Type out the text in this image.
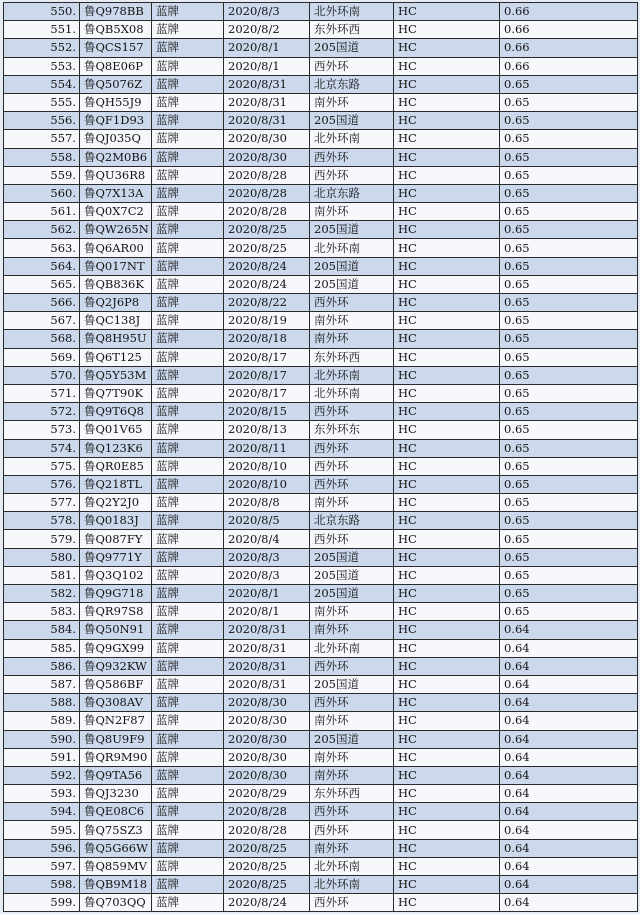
550.	鲁Q978BB	蓝牌	2020/8/3	北外环南	HC	0.66
551.	鲁QB5X08	蓝牌	2020/8/2	东外环西	HC	0.66
552.	鲁QCS157	蓝牌	2020/8/1	205国道	HC	0.66
553.	鲁Q8E06P	蓝牌	2020/8/1	西外环	HC	0.66
554.	鲁Q5076Z	蓝牌	2020/8/31	北京东路	HC	0.65
555.	鲁QH55J9	蓝牌	2020/8/31	南外环	HC	0.65
556.	鲁QF1D93	蓝牌	2020/8/31	205国道	HC	0.65
557.	鲁QJ035Q	蓝牌	2020/8/30	北外环南	HC	0.65
558.	鲁Q2M0B6	蓝牌	2020/8/30	西外环	HC	0.65
559.	鲁QU36R8	蓝牌	2020/8/28	西外环	HC	0.65
560.	鲁Q7X13A	蓝牌	2020/8/28	北京东路	HC	0.65
561.	鲁Q0X7C2	蓝牌	2020/8/28	南外环	HC	0.65
562.	鲁QW265N	蓝牌	2020/8/25	205国道	HC	0.65
563.	鲁Q6AR00	蓝牌	2020/8/25	北外环南	HC	0.65
564.	鲁Q017NT	蓝牌	2020/8/24	205国道	HC	0.65
565.	鲁QB836K	蓝牌	2020/8/24	205国道	HC	0.65
566.	鲁Q2J6P8	蓝牌	2020/8/22	西外环	HC	0.65
567.	鲁QC138J	蓝牌	2020/8/19	南外环	HC	0.65
568.	鲁Q8H95U	蓝牌	2020/8/18	南外环	HC	0.65
569.	鲁Q6T125	蓝牌	2020/8/17	东外环西	HC	0.65
570.	鲁Q5Y53M	蓝牌	2020/8/17	北外环南	HC	0.65
571.	鲁Q7T90K	蓝牌	2020/8/17	北外环南	HC	0.65
572.	鲁Q9T6Q8	蓝牌	2020/8/15	西外环	HC	0.65
573.	鲁Q01V65	蓝牌	2020/8/13	东外环东	HC	0.65
574.	鲁Q123K6	蓝牌	2020/8/11	西外环	HC	0.65
575.	鲁QR0E85	蓝牌	2020/8/10	西外环	HC	0.65
576.	鲁Q218TL	蓝牌	2020/8/10	西外环	HC	0.65
577.	鲁Q2Y2J0	蓝牌	2020/8/8	南外环	HC	0.65
578.	鲁Q0183J	蓝牌	2020/8/5	北京东路	HC	0.65
579.	鲁Q087FY	蓝牌	2020/8/4	西外环	HC	0.65
580.	鲁Q9771Y	蓝牌	2020/8/3	205国道	HC	0.65
581.	鲁Q3Q102	蓝牌	2020/8/3	205国道	HC	0.65
582.	鲁Q9G718	蓝牌	2020/8/1	205国道	HC	0.65
583.	鲁QR97S8	蓝牌	2020/8/1	南外环	HC	0.65
584.	鲁Q50N91	蓝牌	2020/8/31	南外环	HC	0.64
585.	鲁Q9GX99	蓝牌	2020/8/31	北外环南	HC	0.64
586.	鲁Q932KW	蓝牌	2020/8/31	西外环	HC	0.64
587.	鲁Q586BF	蓝牌	2020/8/31	205国道	HC	0.64
588.	鲁Q308AV	蓝牌	2020/8/30	西外环	HC	0.64
589.	鲁QN2F87	蓝牌	2020/8/30	南外环	HC	0.64
590.	鲁Q8U9F9	蓝牌	2020/8/30	205国道	HC	0.64
591.	鲁QR9M90	蓝牌	2020/8/30	南外环	HC	0.64
592.	鲁Q9TA56	蓝牌	2020/8/30	南外环	HC	0.64
593.	鲁QJ3230	蓝牌	2020/8/29	东外环西	HC	0.64
594.	鲁QE08C6	蓝牌	2020/8/28	西外环	HC	0.64
595.	鲁Q75SZ3	蓝牌	2020/8/28	西外环	HC	0.64
596.	鲁Q5G66W	蓝牌	2020/8/25	南外环	HC	0.64
597.	鲁Q859MV	蓝牌	2020/8/25	北外环南	HC	0.64
598.	鲁QB9M18	蓝牌	2020/8/25	北外环南	HC	0.64
599.	鲁Q703QQ	蓝牌	2020/8/24	西外环	HC	0.64
